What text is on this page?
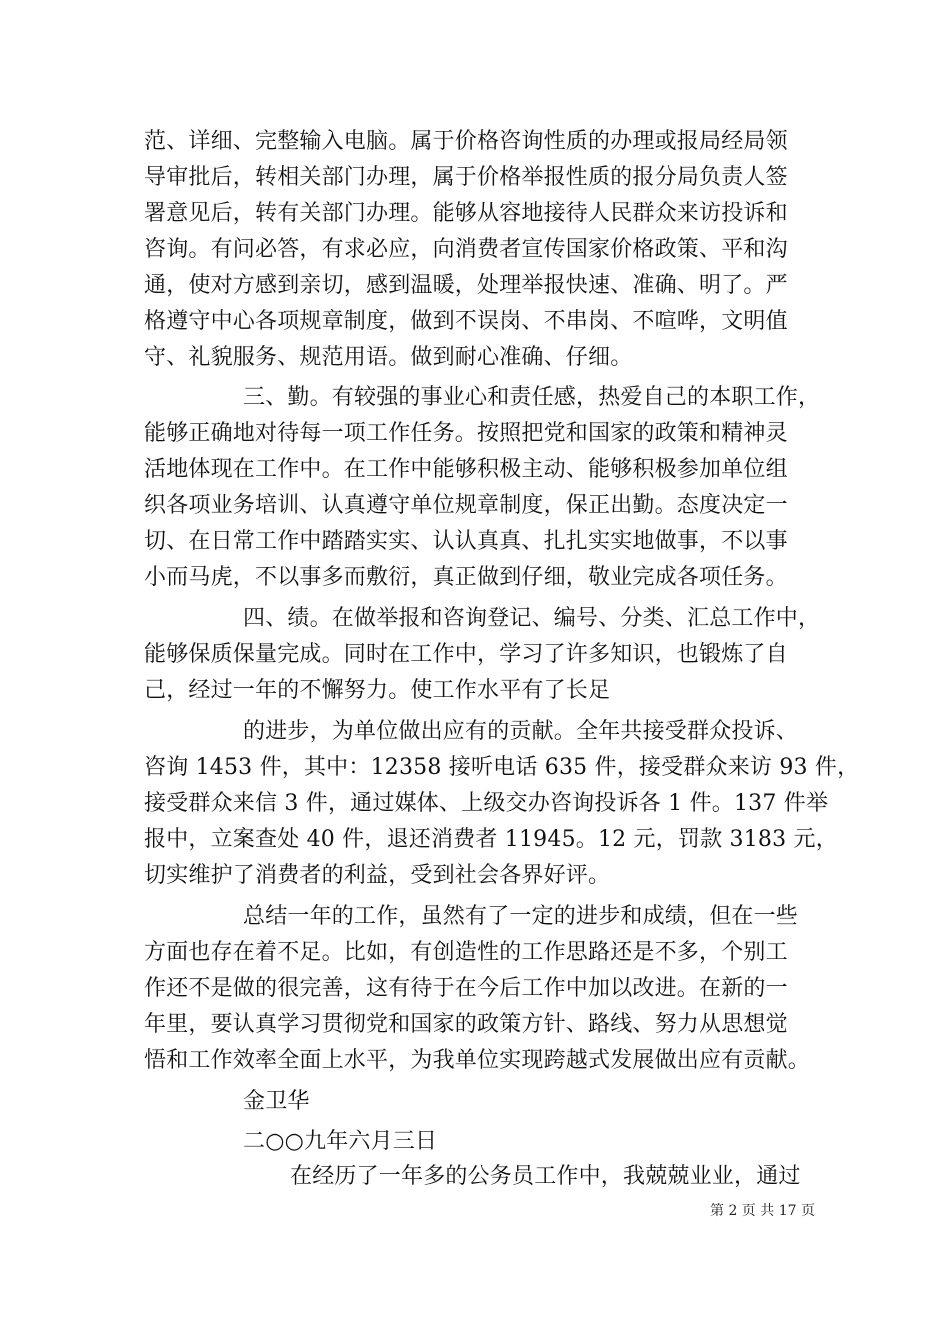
范、详细、完整输入电脑。属于价格咨询性质的办理或报局经局领
导审批后，转相关部门办理，属于价格举报性质的报分局负责人签
署意见后，转有关部门办理。能够从容地接待人民群众来访投诉和
咨询。有问必答，有求必应，向消费者宣传国家价格政策、平和沟
通，使对方感到亲切，感到温暖，处理举报快速、准确、明了。严
格遵守中心各项规章制度，做到不误岗、不串岗、不喧哗，文明值
守、礼貌服务、规范用语。做到耐心准确、仔细。
三、勤。有较强的事业心和责任感，热爱自己的本职工作，
能够正确地对待每一项工作任务。按照把党和国家的政策和精神灵
活地体现在工作中。在工作中能够积极主动、能够积极参加单位组
织各项业务培训、认真遵守单位规章制度，保正出勤。态度决定一
切、在日常工作中踏踏实实、认认真真、扎扎实实地做事，不以事
小而马虎，不以事多而敷衍，真正做到仔细，敬业完成各项任务。
四、绩。在做举报和咨询登记、编号、分类、汇总工作中，
能够保质保量完成。同时在工作中，学习了许多知识，也锻炼了自
己，经过一年的不懈努力。使工作水平有了长足
的进步，为单位做出应有的贡献。全年共接受群众投诉、
咨询 1453 件，其中：12358 接听电话 635 件，接受群众来访 93 件，
接受群众来信 3 件，通过媒体、上级交办咨询投诉各 1 件。137 件举
报中，立案查处 40 件，退还消费者 11945。12 元，罚款 3183 元，
切实维护了消费者的利益，受到社会各界好评。
总结一年的工作，虽然有了一定的进步和成绩，但在一些
方面也存在着不足。比如，有创造性的工作思路还是不多，个别工
作还不是做的很完善，这有待于在今后工作中加以改进。在新的一
年里，要认真学习贯彻党和国家的政策方针、路线、努力从思想觉
悟和工作效率全面上水平，为我单位实现跨越式发展做出应有贡献。
金卫华
二○○九年六月三日
在经历了一年多的公务员工作中，我兢兢业业，通过
第 2 页 共 17 页
